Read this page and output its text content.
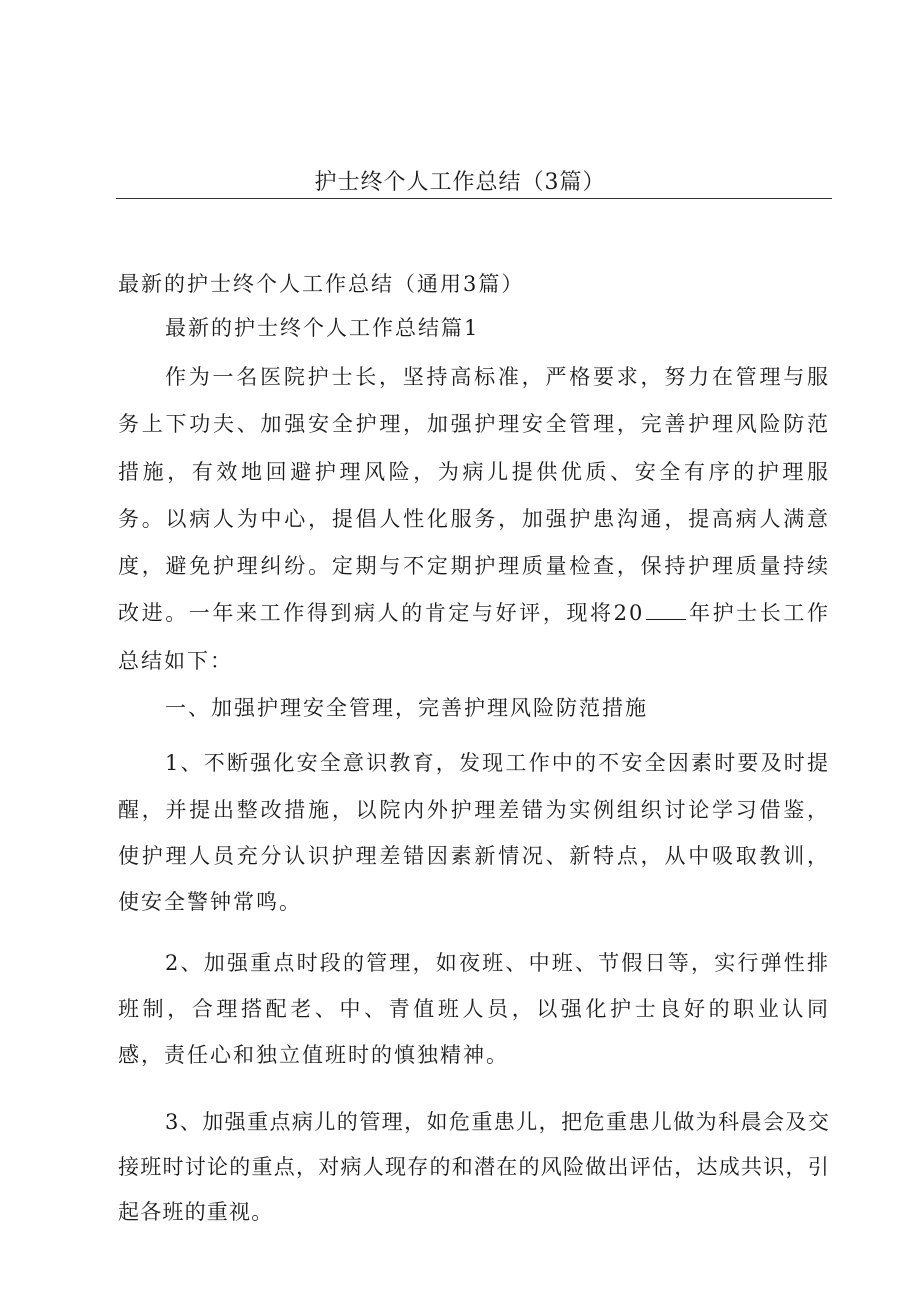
护士终个人工作总结（3篇）

最新的护士终个人工作总结（通用3篇）

最新的护士终个人工作总结篇1

作为一名医院护士长，坚持高标准，严格要求，努力在管理与服务上下功夫、加强安全护理，加强护理安全管理，完善护理风险防范措施，有效地回避护理风险，为病儿提供优质、安全有序的护理服务。以病人为中心，提倡人性化服务，加强护患沟通，提高病人满意度，避免护理纠纷。定期与不定期护理质量检查，保持护理质量持续改进。一年来工作得到病人的肯定与好评，现将20 年护士长工作总结如下：

一、加强护理安全管理，完善护理风险防范措施

1、不断强化安全意识教育，发现工作中的不安全因素时要及时提醒，并提出整改措施，以院内外护理差错为实例组织讨论学习借鉴，使护理人员充分认识护理差错因素新情况、新特点，从中吸取教训，使安全警钟常鸣。

2、加强重点时段的管理，如夜班、中班、节假日等，实行弹性排班制，合理搭配老、中、青值班人员，以强化护士良好的职业认同感，责任心和独立值班时的慎独精神。

3、加强重点病儿的管理，如危重患儿，把危重患儿做为科晨会及交接班时讨论的重点，对病人现存的和潜在的风险做出评估，达成共识，引起各班的重视。
